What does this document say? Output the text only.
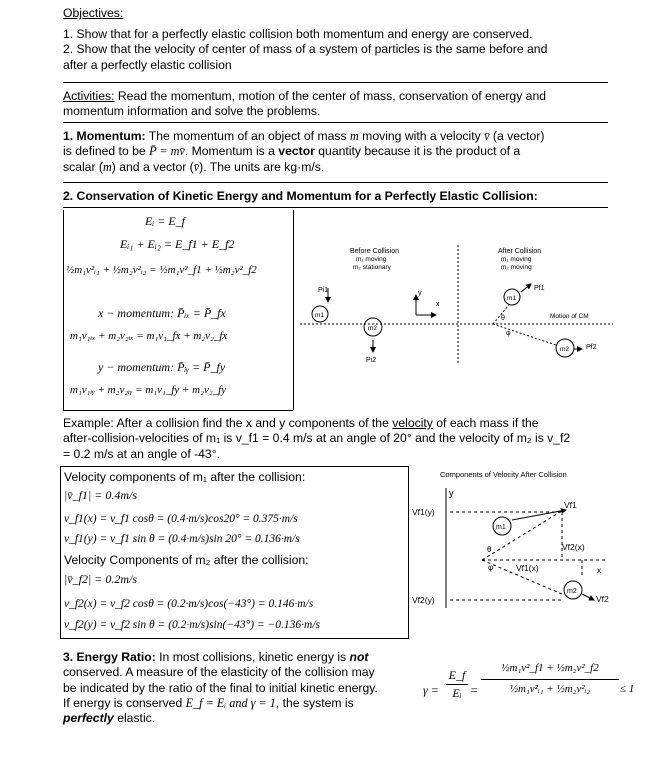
Objectives:

1. Show that for a perfectly elastic collision both momentum and energy are conserved.

2. Show that the velocity of center of mass of a system of particles is the same before and

after a perfectly elastic collision

Activities: Read the momentum, motion of the center of mass, conservation of energy and

momentum information and solve the problems.

1. Momentum: The momentum of an object of mass m moving with a velocity v̄ (a vector)

is defined to be P̄ = mv̄. Momentum is a vector quantity because it is the product of a

scalar (m) and a vector (v̄). The units are kg·m/s.

2. Conservation of Kinetic Energy and Momentum for a Perfectly Elastic Collision:
Eᵢ = E_f
Eᵢ₁ + Eᵢ₂ = E_f1 + E_f2
½m₁v²ᵢ₁ + ½m₂v²ᵢ₂ = ½m₁v²_f1 + ½m₂v²_f2
x − momentum: P̄ᵢₓ = P̄_fx
m₁v₁ᵢₓ + m₂v₂ᵢₓ = m₁v₁_fx + m₂v₂_fx
y − momentum: P̄ᵢᵧ = P̄_fy
m₁v₁ᵢᵧ + m₂v₂ᵢᵧ = m₁v₁_fy + m₂v₂_fy
Before Collision
m₁ moving
m₂ stationary
After Collision
m₁ moving
m₂ moving
Pi1
m1
m2
Pi2
y
x
Motion of CM
m1
Pf1
θ
φ
m2 Pf2

Example: After a collision find the x and y components of the velocity of each mass if the

after-collision-velocities of m₁ is v_f1 = 0.4 m/s at an angle of 20° and the velocity of m₂ is v_f2

= 0.2 m/s at an angle of -43°.

Velocity components of m₁ after the collision:
|v̄_f1| = 0.4m/s
v_f1(x) = v_f1 cosθ = (0.4·m/s)cos20° = 0.375·m/s
v_f1(y) = v_f1 sin θ = (0.4·m/s)sin 20° = 0.136·m/s
Velocity Components of m₂ after the collision:
|v̄_f2| = 0.2m/s
v_f2(x) = v_f2 cosθ = (0.2·m/s)cos(−43°) = 0.146·m/s
v_f2(y) = v_f2 sin θ = (0.2·m/s)sin(−43°) = −0.136·m/s
Components of Velocity After Collision
y
Vf1(y)
m1
Vf1
x
θ
φ
Vf2(x)
Vf1(x)
m2
Vf2
Vf2(y)

3. Energy Ratio: In most collisions, kinetic energy is not

conserved. A measure of the elasticity of the collision may

be indicated by the ratio of the final to initial kinetic energy.

If energy is conserved E_f = Eᵢ and γ = 1, the system is

perfectly elastic.

γ =
E_f
Eᵢ =
½m₁v²_f1 + ½m₂v²_f2
½m₁v²ᵢ₁ + ½m₂v²ᵢ₂	≤ 1
